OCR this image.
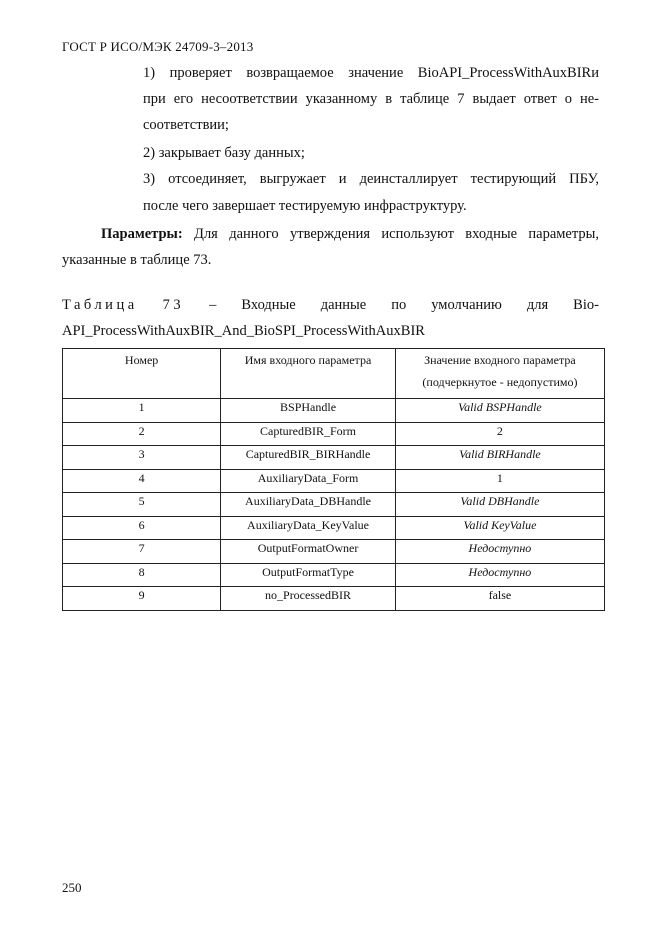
ГОСТ Р ИСО/МЭК 24709-3–2013
1) проверяет возвращаемое значение BioAPI_ProcessWithAuxBIRи
при его несоответствии указанному в таблице 7 выдает ответ о не-
соответствии;
2) закрывает базу данных;
3) отсоединяет, выгружает и деинсталлирует тестирующий ПБУ,
после чего завершает тестируемую инфраструктуру.
Параметры: Для данного утверждения используют входные параметры,
указанные в таблице 73.
Таблица 73 – Входные данные по умолчанию для Bio-
API_ProcessWithAuxBIR_And_BioSPI_ProcessWithAuxBIR
Номер	Имя входного параметра	Значение входного параметра
(подчеркнутое - недопустимо)

1	BSPHandle	Valid BSPHandle
2	CapturedBIR_Form	2
3	CapturedBIR_BIRHandle	Valid BIRHandle
4	AuxiliaryData_Form	1
5	AuxiliaryData_DBHandle	Valid DBHandle
6	AuxiliaryData_KeyValue	Valid KeyValue
7	OutputFormatOwner	Недоступно
8	OutputFormatType	Недоступно
9	no_ProcessedBIR	false
250
